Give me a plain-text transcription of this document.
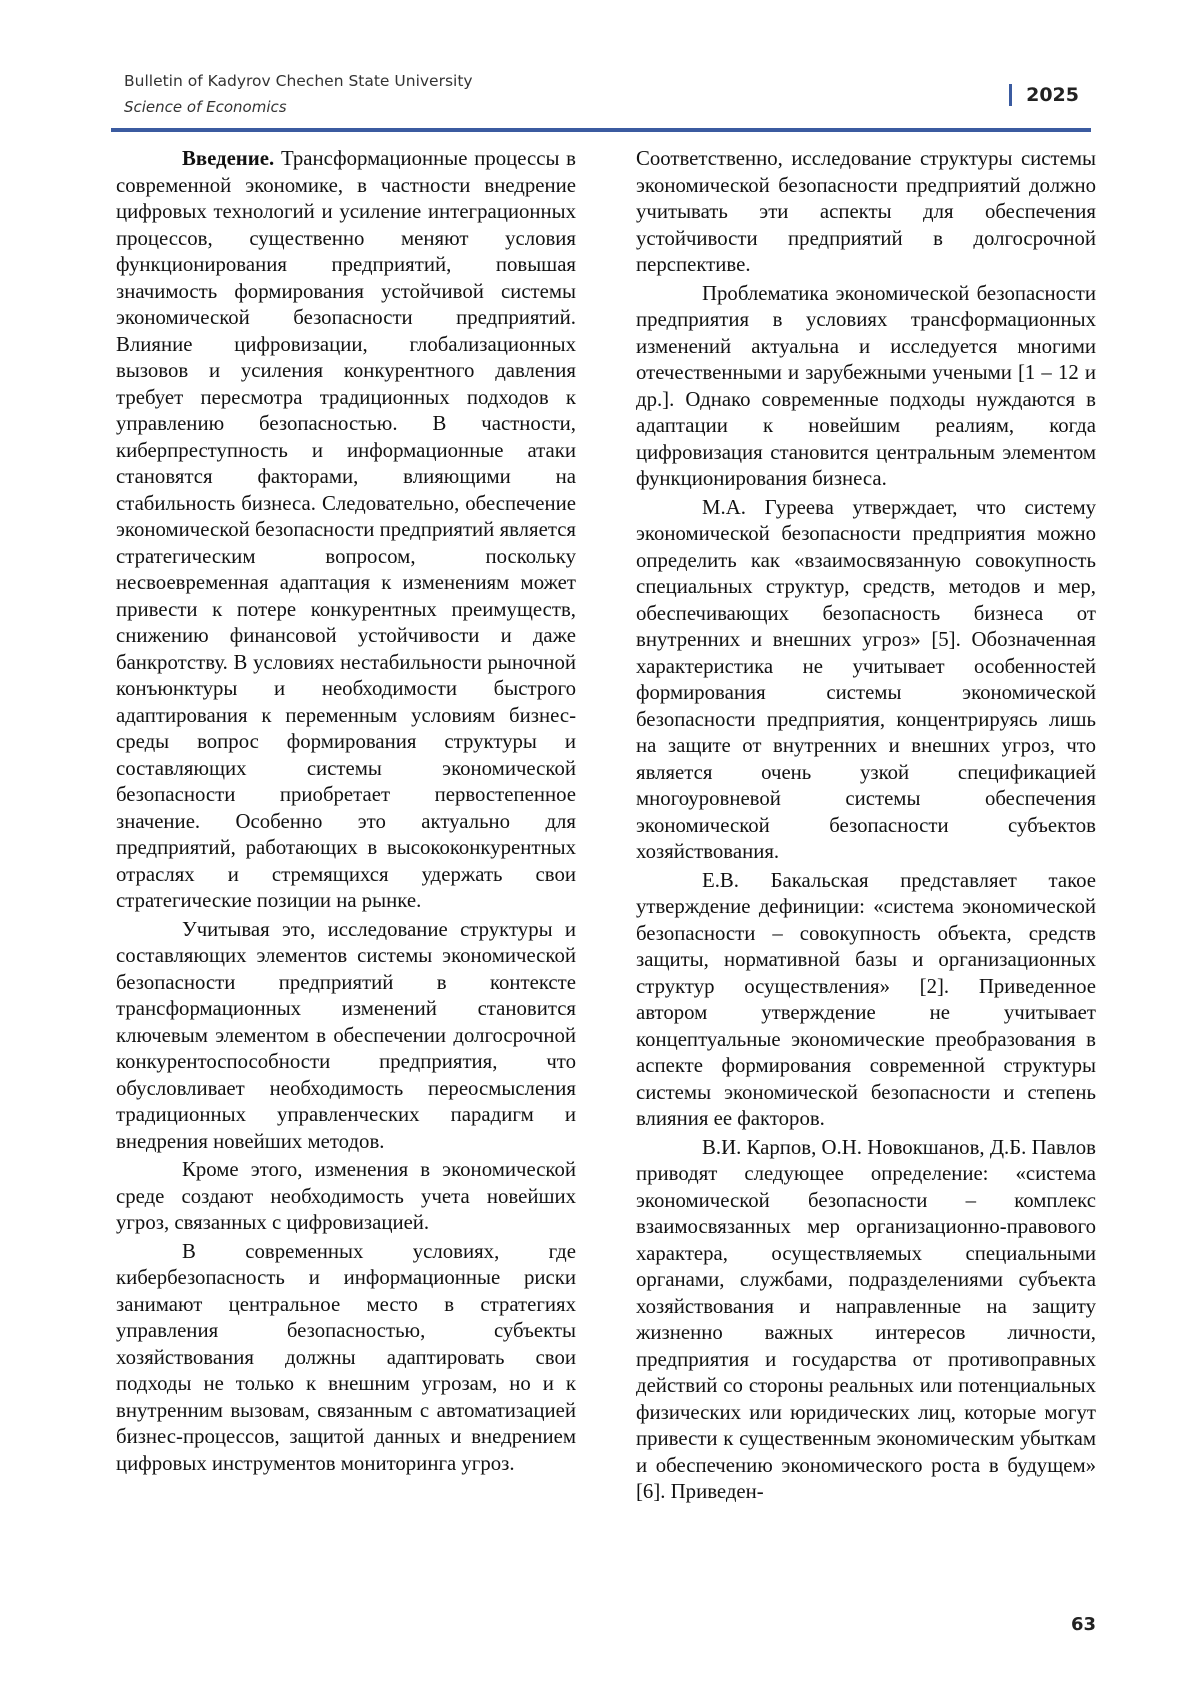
Bulletin of Kadyrov Chechen State University
Science of Economics
2025

Введение. Трансформационные процессы в современной экономике, в частности внедрение цифровых технологий и усиление интеграционных процессов, существенно меняют условия функционирования предприятий, повышая значимость формирования устойчивой системы экономической безопасности предприятий. Влияние цифровизации, глобализационных вызовов и усиления конкурентного давления требует пересмотра традиционных подходов к управлению безопасностью. В частности, киберпреступность и информационные атаки становятся факторами, влияющими на стабильность бизнеса. Следовательно, обеспечение экономической безопасности предприятий является стратегическим вопросом, поскольку несвоевременная адаптация к изменениям может привести к потере конкурентных преимуществ, снижению финансовой устойчивости и даже банкротству. В условиях нестабильности рыночной конъюнктуры и необходимости быстрого адаптирования к переменным условиям бизнес-среды вопрос формирования структуры и составляющих системы экономической безопасности приобретает первостепенное значение. Особенно это актуально для предприятий, работающих в высококонкурентных отраслях и стремящихся удержать свои стратегические позиции на рынке.

Учитывая это, исследование структуры и составляющих элементов системы экономической безопасности предприятий в контексте трансформационных изменений становится ключевым элементом в обеспечении долгосрочной конкурентоспособности предприятия, что обусловливает необходимость переосмысления традиционных управленческих парадигм и внедрения новейших методов.

Кроме этого, изменения в экономической среде создают необходимость учета новейших угроз, связанных с цифровизацией.

В современных условиях, где кибербезопасность и информационные риски занимают центральное место в стратегиях управления безопасностью, субъекты хозяйствования должны адаптировать свои подходы не только к внешним угрозам, но и к внутренним вызовам, связанным с автоматизацией бизнес-процессов, защитой данных и внедрением цифровых инструментов мониторинга угроз.

Соответственно, исследование структуры системы экономической безопасности предприятий должно учитывать эти аспекты для обеспечения устойчивости предприятий в долгосрочной перспективе.

Проблематика экономической безопасности предприятия в условиях трансформационных изменений актуальна и исследуется многими отечественными и зарубежными учеными [1 – 12 и др.]. Однако современные подходы нуждаются в адаптации к новейшим реалиям, когда цифровизация становится центральным элементом функционирования бизнеса.

М.А. Гуреева утверждает, что систему экономической безопасности предприятия можно определить как «взаимосвязанную совокупность специальных структур, средств, методов и мер, обеспечивающих безопасность бизнеса от внутренних и внешних угроз» [5]. Обозначенная характеристика не учитывает особенностей формирования системы экономической безопасности предприятия, концентрируясь лишь на защите от внутренних и внешних угроз, что является очень узкой спецификацией многоуровневой системы обеспечения экономической безопасности субъектов хозяйствования.

Е.В. Бакальская представляет такое утверждение дефиниции: «система экономической безопасности – совокупность объекта, средств защиты, нормативной базы и организационных структур осуществления» [2]. Приведенное автором утверждение не учитывает концептуальные экономические преобразования в аспекте формирования современной структуры системы экономической безопасности и степень влияния ее факторов.

В.И. Карпов, О.Н. Новокшанов, Д.Б. Павлов приводят следующее определение: «система экономической безопасности – комплекс взаимосвязанных мер организационно-правового характера, осуществляемых специальными органами, службами, подразделениями субъекта хозяйствования и направленные на защиту жизненно важных интересов личности, предприятия и государства от противоправных действий со стороны реальных или потенциальных физических или юридических лиц, которые могут привести к существенным экономическим убыткам и обеспечению экономического роста в будущем» [6]. Приведен-

63
